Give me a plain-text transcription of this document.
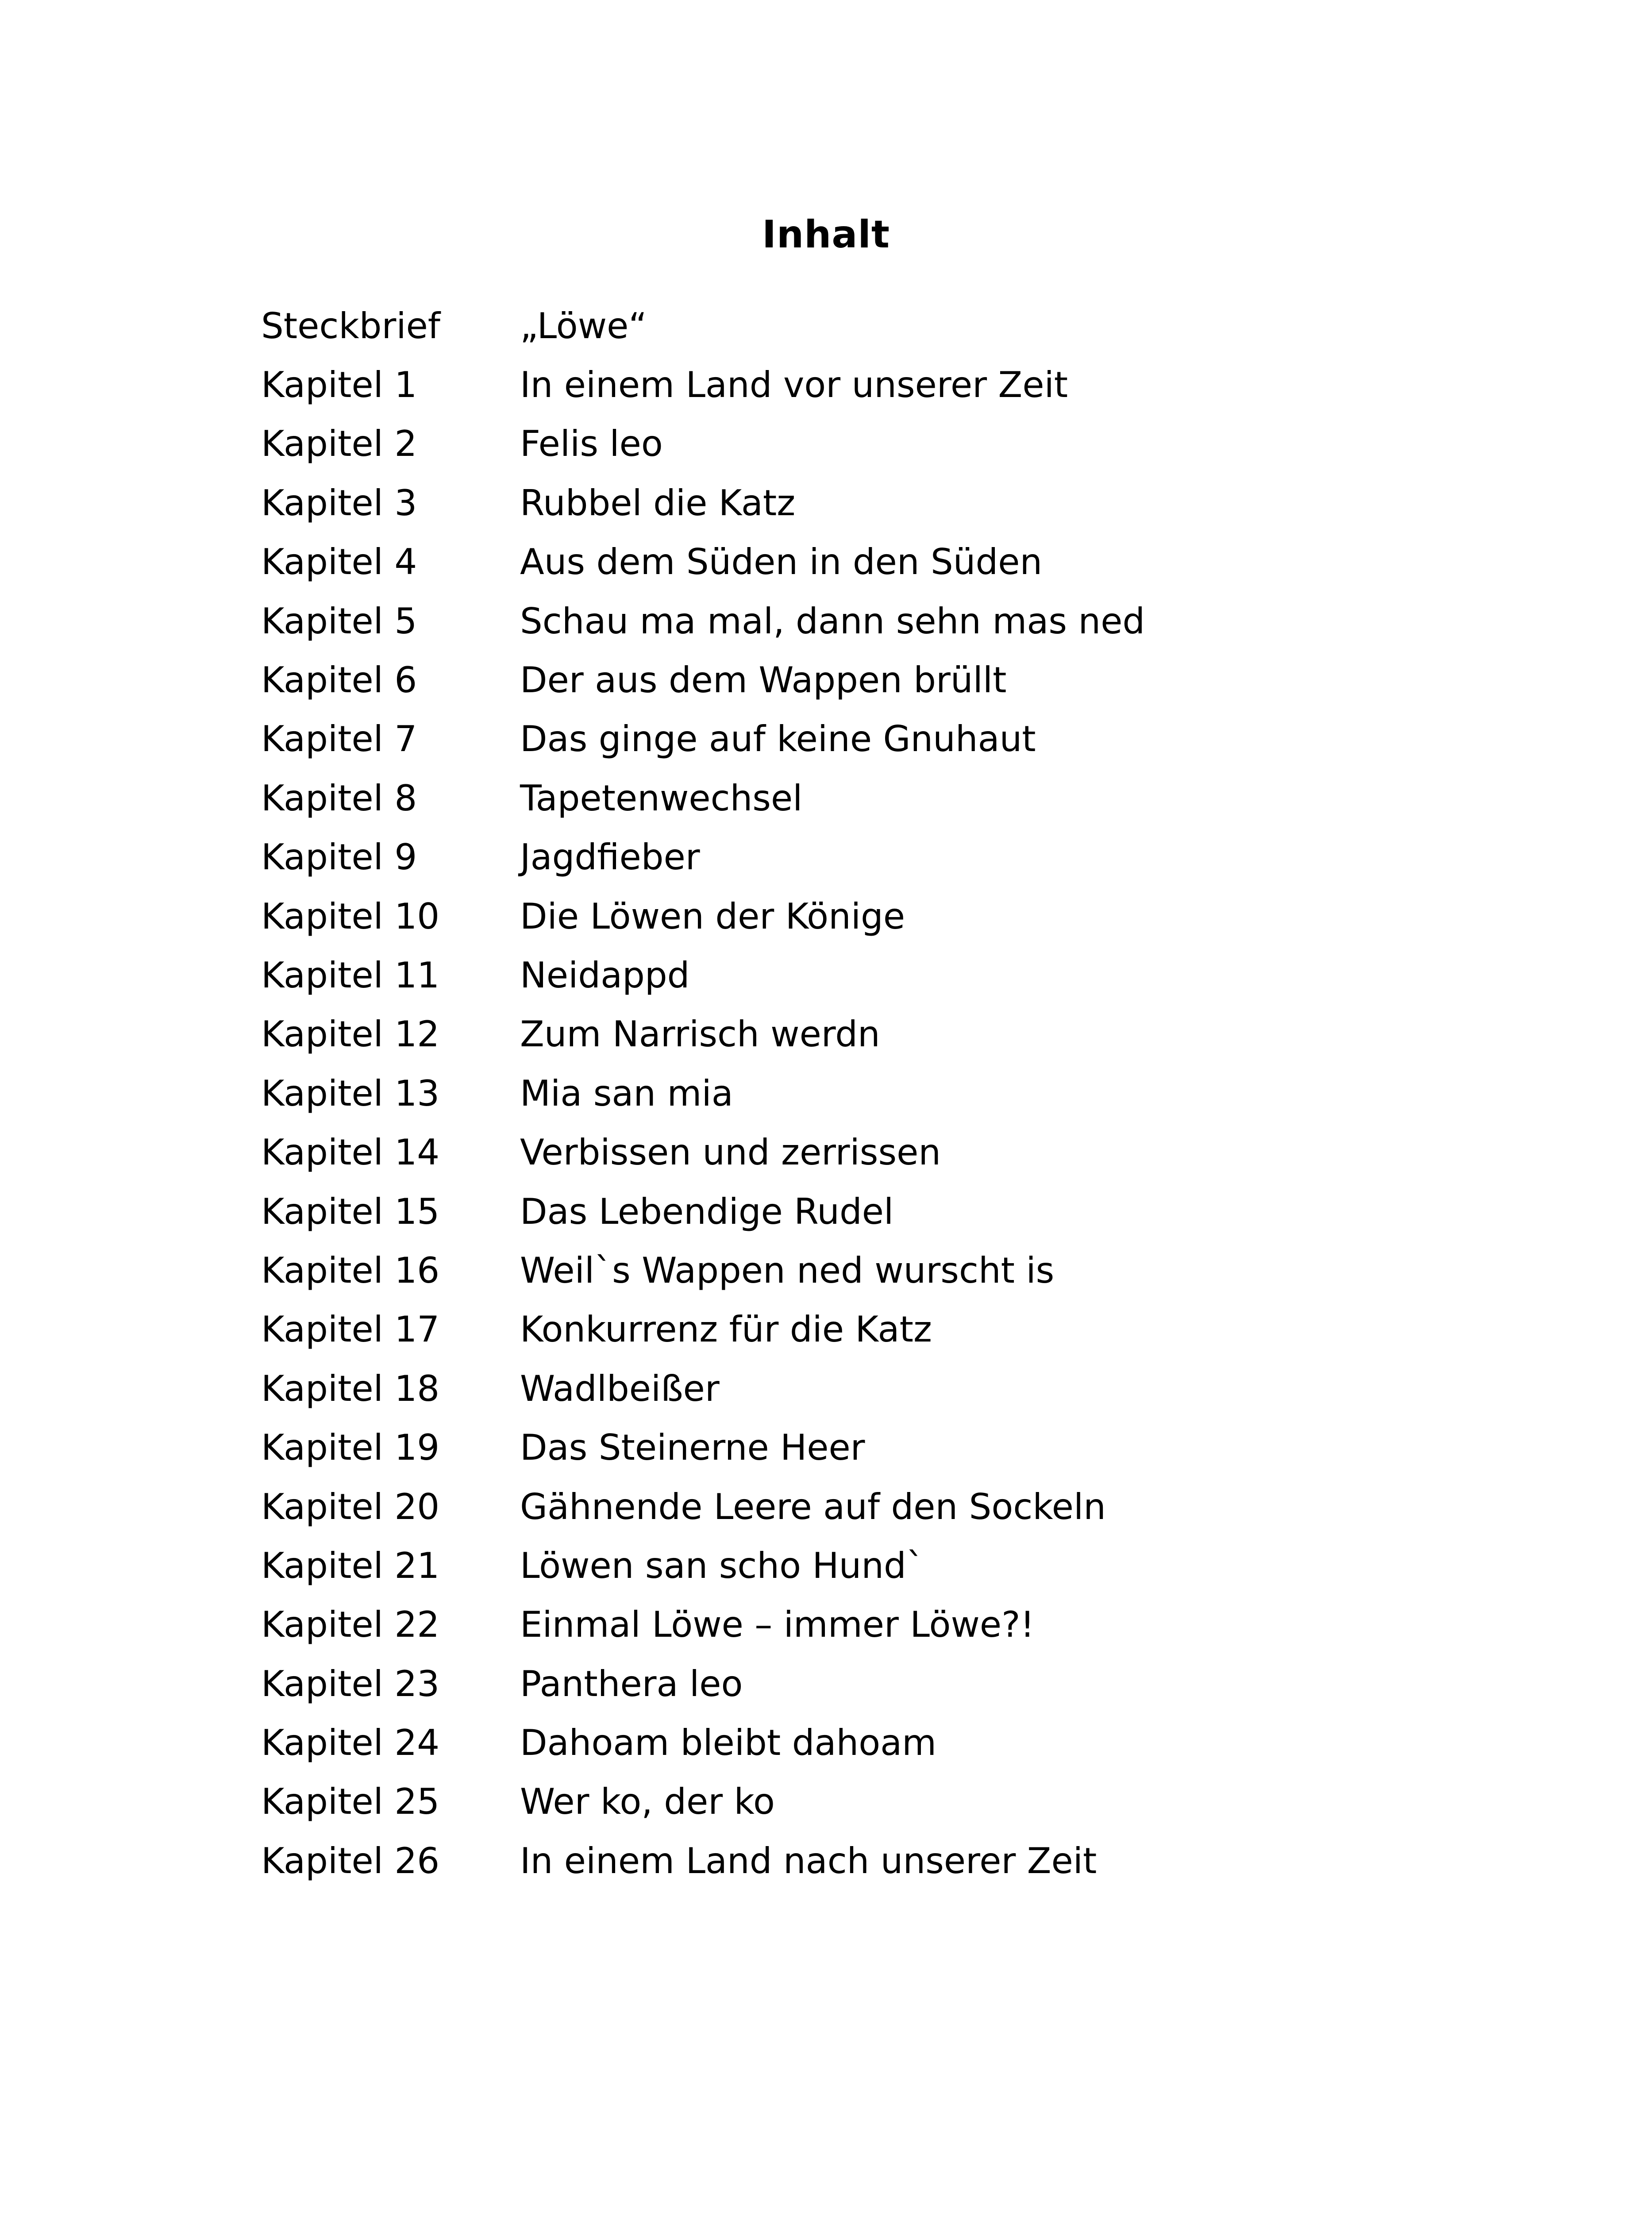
Inhalt
Steckbrief	„Löwe“
Kapitel 1	In einem Land vor unserer Zeit
Kapitel 2	Felis leo
Kapitel 3	Rubbel die Katz
Kapitel 4	Aus dem Süden in den Süden
Kapitel 5	Schau ma mal, dann sehn mas ned
Kapitel 6	Der aus dem Wappen brüllt
Kapitel 7	Das ginge auf keine Gnuhaut
Kapitel 8	Tapetenwechsel
Kapitel 9	Jagdfieber
Kapitel 10	Die Löwen der Könige
Kapitel 11	Neidappd
Kapitel 12	Zum Narrisch werdn
Kapitel 13	Mia san mia
Kapitel 14	Verbissen und zerrissen
Kapitel 15	Das Lebendige Rudel
Kapitel 16	Weil`s Wappen ned wurscht is
Kapitel 17	Konkurrenz für die Katz
Kapitel 18	Wadlbeißer
Kapitel 19	Das Steinerne Heer
Kapitel 20	Gähnende Leere auf den Sockeln
Kapitel 21	Löwen san scho Hund`
Kapitel 22	Einmal Löwe – immer Löwe?!
Kapitel 23	Panthera leo
Kapitel 24	Dahoam bleibt dahoam
Kapitel 25	Wer ko, der ko
Kapitel 26	In einem Land nach unserer Zeit
